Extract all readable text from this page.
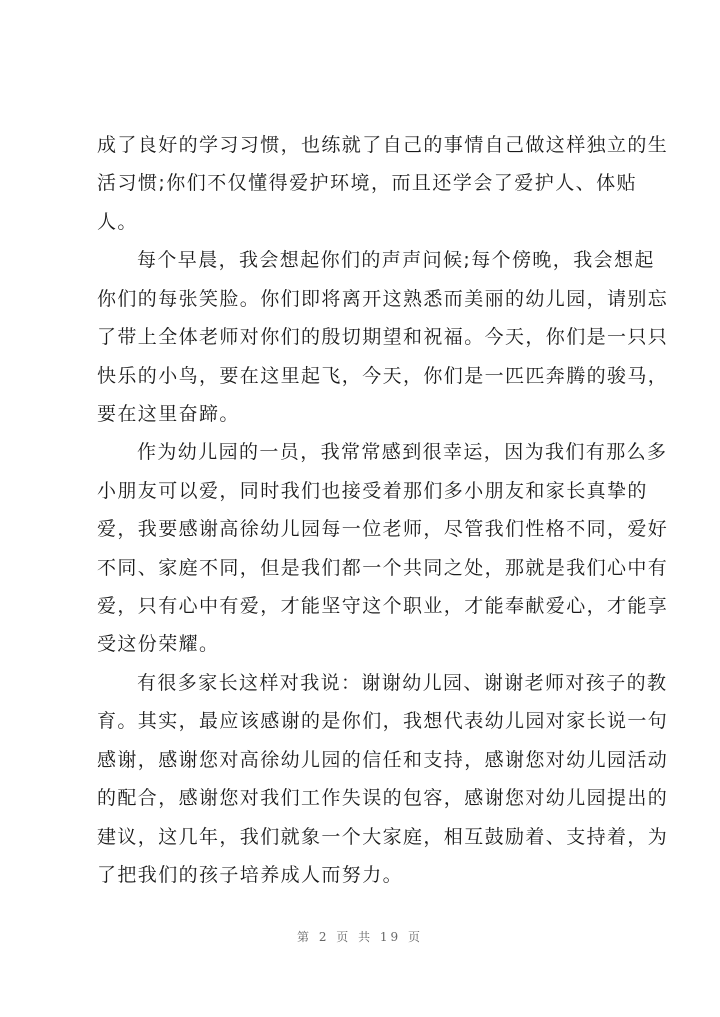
成了良好的学习习惯，也练就了自己的事情自己做这样独立的生
活习惯;你们不仅懂得爱护环境，而且还学会了爱护人、体贴
人。
每个早晨，我会想起你们的声声问候;每个傍晚，我会想起
你们的每张笑脸。你们即将离开这熟悉而美丽的幼儿园，请别忘
了带上全体老师对你们的殷切期望和祝福。今天，你们是一只只
快乐的小鸟，要在这里起飞，今天，你们是一匹匹奔腾的骏马，
要在这里奋蹄。
作为幼儿园的一员，我常常感到很幸运，因为我们有那么多
小朋友可以爱，同时我们也接受着那们多小朋友和家长真挚的
爱，我要感谢高徐幼儿园每一位老师，尽管我们性格不同，爱好
不同、家庭不同，但是我们都一个共同之处，那就是我们心中有
爱，只有心中有爱，才能坚守这个职业，才能奉献爱心，才能享
受这份荣耀。
有很多家长这样对我说：谢谢幼儿园、谢谢老师对孩子的教
育。其实，最应该感谢的是你们，我想代表幼儿园对家长说一句
感谢，感谢您对高徐幼儿园的信任和支持，感谢您对幼儿园活动
的配合，感谢您对我们工作失误的包容，感谢您对幼儿园提出的
建议，这几年，我们就象一个大家庭，相互鼓励着、支持着，为
了把我们的孩子培养成人而努力。
第 2 页 共 19 页
